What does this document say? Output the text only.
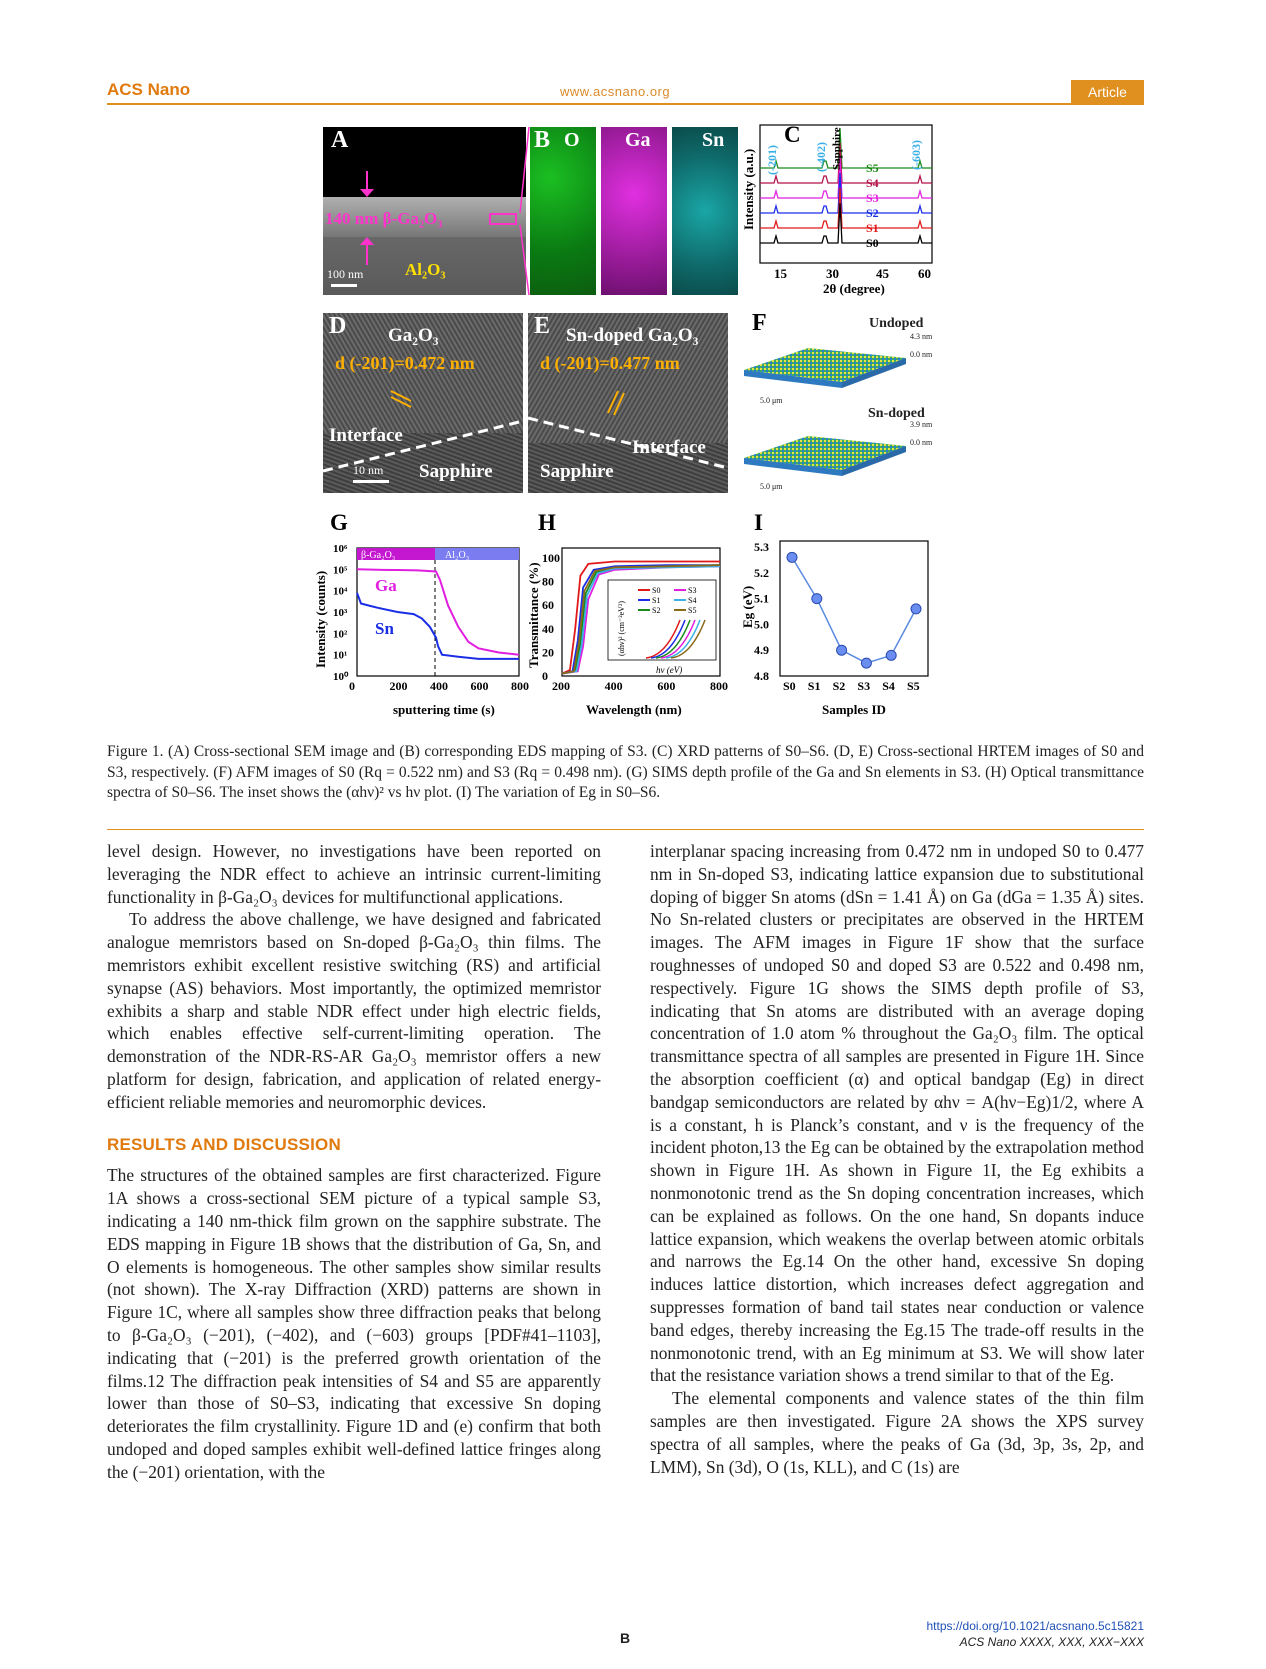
ACS Nano	www.acsnano.org	Article
A
140 nm β-Ga₂O₃
Al₂O₃
100 nm
B O Ga	Sn	C
Intensity (a.u.)
15	30	45 60
2θ (degree)
(-201)	(-402) Sapphire	(-603)
S5
S4
S3
S2
S1
S0
D Ga₂O₃
d (-201)=0.472 nm
Interface
Sapphire
10 nm
E Sn-doped Ga₂O₃
d (-201)=0.477 nm
Interface
Sapphire
F	Undoped
4.3 nm
0.0 nm
5.0 μm
Sn-doped
3.9 nm
0.0 nm
5.0 μm
G
β-Ga₂O₃	Al₂O₃
0	200 400 600 800
10⁰
10¹
10²
10³
10⁴
10⁵
10⁶
Ga
Sn
Intensity (counts)
sputtering time (s)
H
200	400	600	800
0
20
40
60
80
100
S0
S1
S2
S3
S4
S5
hν (eV)
(αhν)² (cm⁻²eV²)
Transmittance (%)
Wavelength (nm)
I
4.8
4.9
5.0
5.1
5.2
5.3
S0 S1 S2 S3 S4 S5
Eg (eV)
Samples ID
Figure 1. (A) Cross-sectional SEM image and (B) corresponding EDS mapping of S3. (C) XRD patterns of S0–S6. (D, E) Cross-sectional HRTEM images of S0 and S3, respectively. (F) AFM images of S0 (Rq = 0.522 nm) and S3 (Rq = 0.498 nm). (G) SIMS depth profile of the Ga and Sn elements in S3. (H) Optical transmittance spectra of S0–S6. The inset shows the (αhν)² vs hν plot. (I) The variation of Eg in S0–S6.

level design. However, no investigations have been reported on leveraging the NDR effect to achieve an intrinsic current-limiting functionality in β-Ga₂O₃ devices for multifunctional applications.

To address the above challenge, we have designed and fabricated analogue memristors based on Sn-doped β-Ga₂O₃ thin films. The memristors exhibit excellent resistive switching (RS) and artificial synapse (AS) behaviors. Most importantly, the optimized memristor exhibits a sharp and stable NDR effect under high electric fields, which enables effective self-current-limiting operation. The demonstration of the NDR-RS-AR Ga₂O₃ memristor offers a new platform for design, fabrication, and application of related energy-efficient reliable memories and neuromorphic devices.

RESULTS AND DISCUSSION

The structures of the obtained samples are first characterized. Figure 1A shows a cross-sectional SEM picture of a typical sample S3, indicating a 140 nm-thick film grown on the sapphire substrate. The EDS mapping in Figure 1B shows that the distribution of Ga, Sn, and O elements is homogeneous. The other samples show similar results (not shown). The X-ray Diffraction (XRD) patterns are shown in Figure 1C, where all samples show three diffraction peaks that belong to β-Ga₂O₃ (−201), (−402), and (−603) groups [PDF#41–1103], indicating that (−201) is the preferred growth orientation of the films.12 The diffraction peak intensities of S4 and S5 are apparently lower than those of S0–S3, indicating that excessive Sn doping deteriorates the film crystallinity. Figure 1D and (e) confirm that both undoped and doped samples exhibit well-defined lattice fringes along the (−201) orientation, with the

interplanar spacing increasing from 0.472 nm in undoped S0 to 0.477 nm in Sn-doped S3, indicating lattice expansion due to substitutional doping of bigger Sn atoms (dSn = 1.41 Å) on Ga (dGa = 1.35 Å) sites. No Sn-related clusters or precipitates are observed in the HRTEM images. The AFM images in Figure 1F show that the surface roughnesses of undoped S0 and doped S3 are 0.522 and 0.498 nm, respectively. Figure 1G shows the SIMS depth profile of S3, indicating that Sn atoms are distributed with an average doping concentration of 1.0 atom % throughout the Ga₂O₃ film. The optical transmittance spectra of all samples are presented in Figure 1H. Since the absorption coefficient (α) and optical bandgap (Eg) in direct bandgap semiconductors are related by αhν = A(hν−Eg)1/2, where A is a constant, h is Planck’s constant, and ν is the frequency of the incident photon,13 the Eg can be obtained by the extrapolation method shown in Figure 1H. As shown in Figure 1I, the Eg exhibits a nonmonotonic trend as the Sn doping concentration increases, which can be explained as follows. On the one hand, Sn dopants induce lattice expansion, which weakens the overlap between atomic orbitals and narrows the Eg.14 On the other hand, excessive Sn doping induces lattice distortion, which increases defect aggregation and suppresses formation of band tail states near conduction or valence band edges, thereby increasing the Eg.15 The trade-off results in the nonmonotonic trend, with an Eg minimum at S3. We will show later that the resistance variation shows a trend similar to that of the Eg.

The elemental components and valence states of the thin film samples are then investigated. Figure 2A shows the XPS survey spectra of all samples, where the peaks of Ga (3d, 3p, 3s, 2p, and LMM), Sn (3d), O (1s, KLL), and C (1s) are

B
https://doi.org/10.1021/acsnano.5c15821
ACS Nano XXXX, XXX, XXX−XXX
